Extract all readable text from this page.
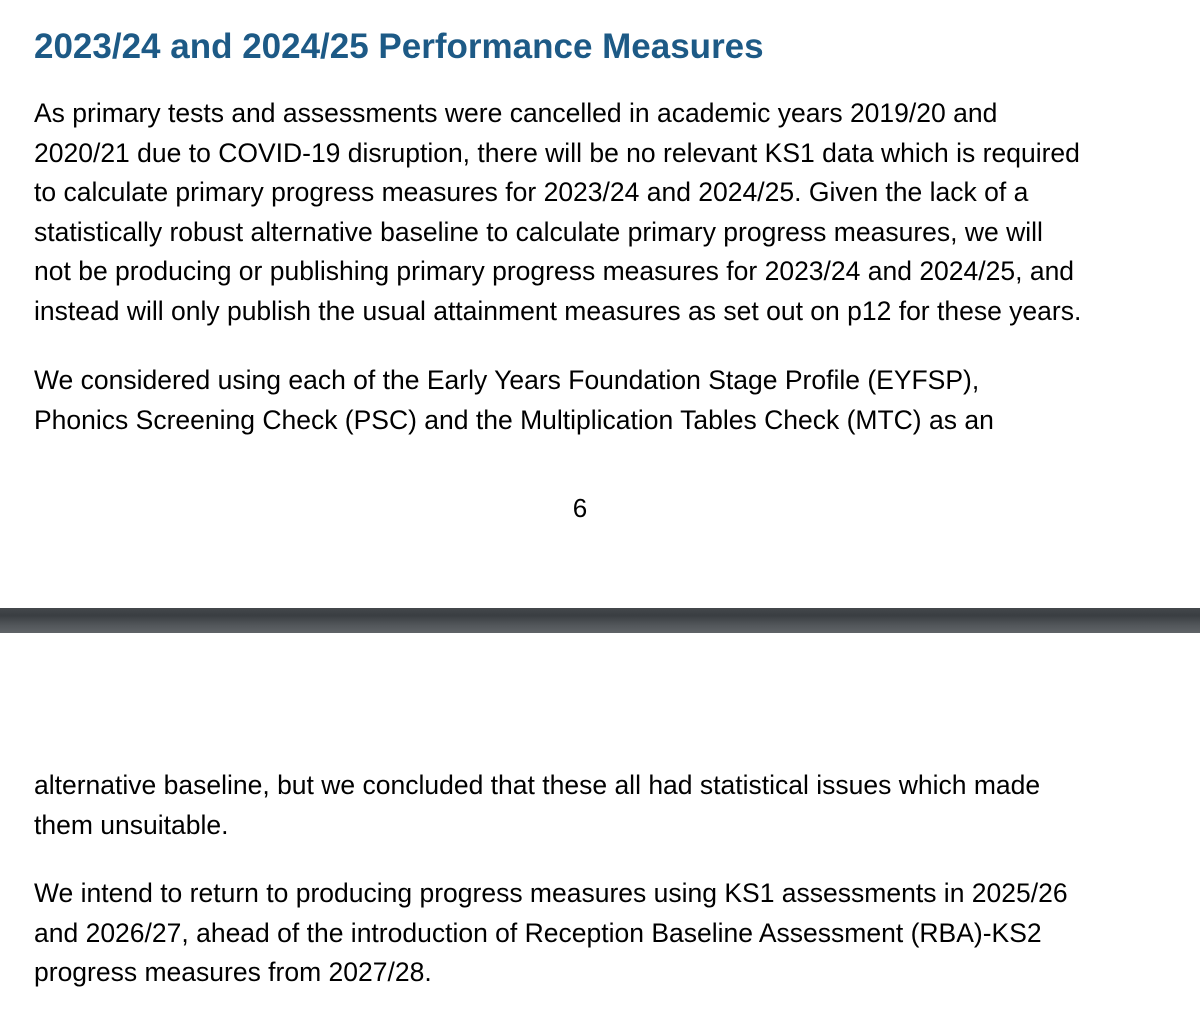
2023/24 and 2024/25 Performance Measures

As primary tests and assessments were cancelled in academic years 2019/20 and
2020/21 due to COVID-19 disruption, there will be no relevant KS1 data which is required
to calculate primary progress measures for 2023/24 and 2024/25. Given the lack of a
statistically robust alternative baseline to calculate primary progress measures, we will
not be producing or publishing primary progress measures for 2023/24 and 2024/25, and
instead will only publish the usual attainment measures as set out on p12 for these years.

We considered using each of the Early Years Foundation Stage Profile (EYFSP),
Phonics Screening Check (PSC) and the Multiplication Tables Check (MTC) as an

6

alternative baseline, but we concluded that these all had statistical issues which made
them unsuitable.

We intend to return to producing progress measures using KS1 assessments in 2025/26
and 2026/27, ahead of the introduction of Reception Baseline Assessment (RBA)-KS2
progress measures from 2027/28.
